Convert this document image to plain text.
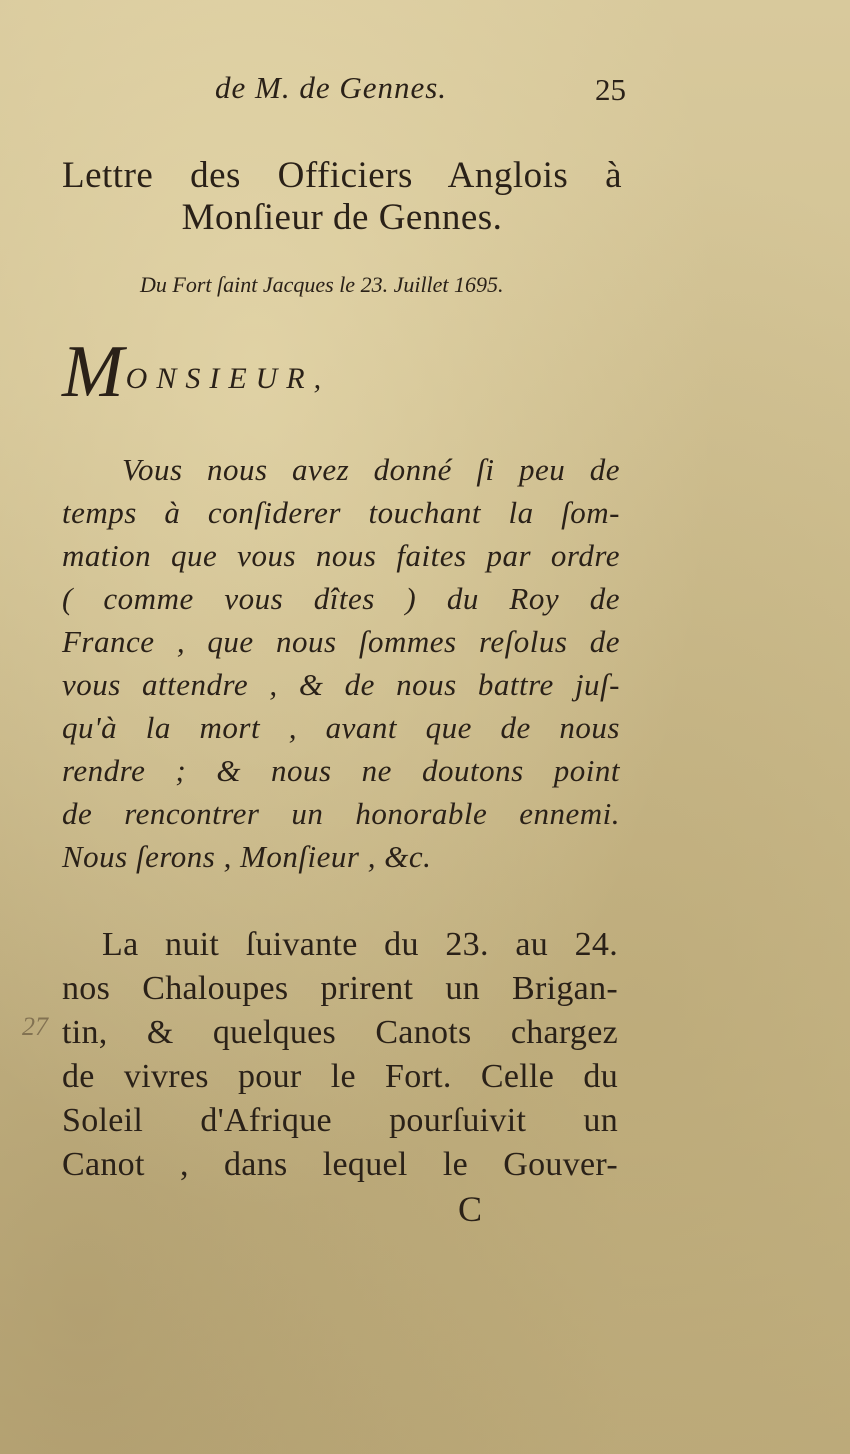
de M. de Gennes.	25
Lettre des Officiers Anglois à
Monſieur de Gennes.
Du Fort ſaint Jacques le 23. Juillet 1695.
MONSIEUR,
Vous nous avez donné ſi peu de
temps à conſiderer touchant la ſom-
mation que vous nous faites par ordre
( comme vous dîtes ) du Roy de
France , que nous ſommes reſolus de
vous attendre , & de nous battre juſ-
qu'à la mort , avant que de nous
rendre ; & nous ne doutons point
de rencontrer un honorable ennemi.
Nous ſerons , Monſieur , &c.
La nuit ſuivante du 23. au 24.
nos Chaloupes prirent un Brigan-
tin, & quelques Canots chargez
de vivres pour le Fort. Celle du
Soleil d'Afrique pourſuivit un
Canot , dans lequel le Gouver-
C
27
